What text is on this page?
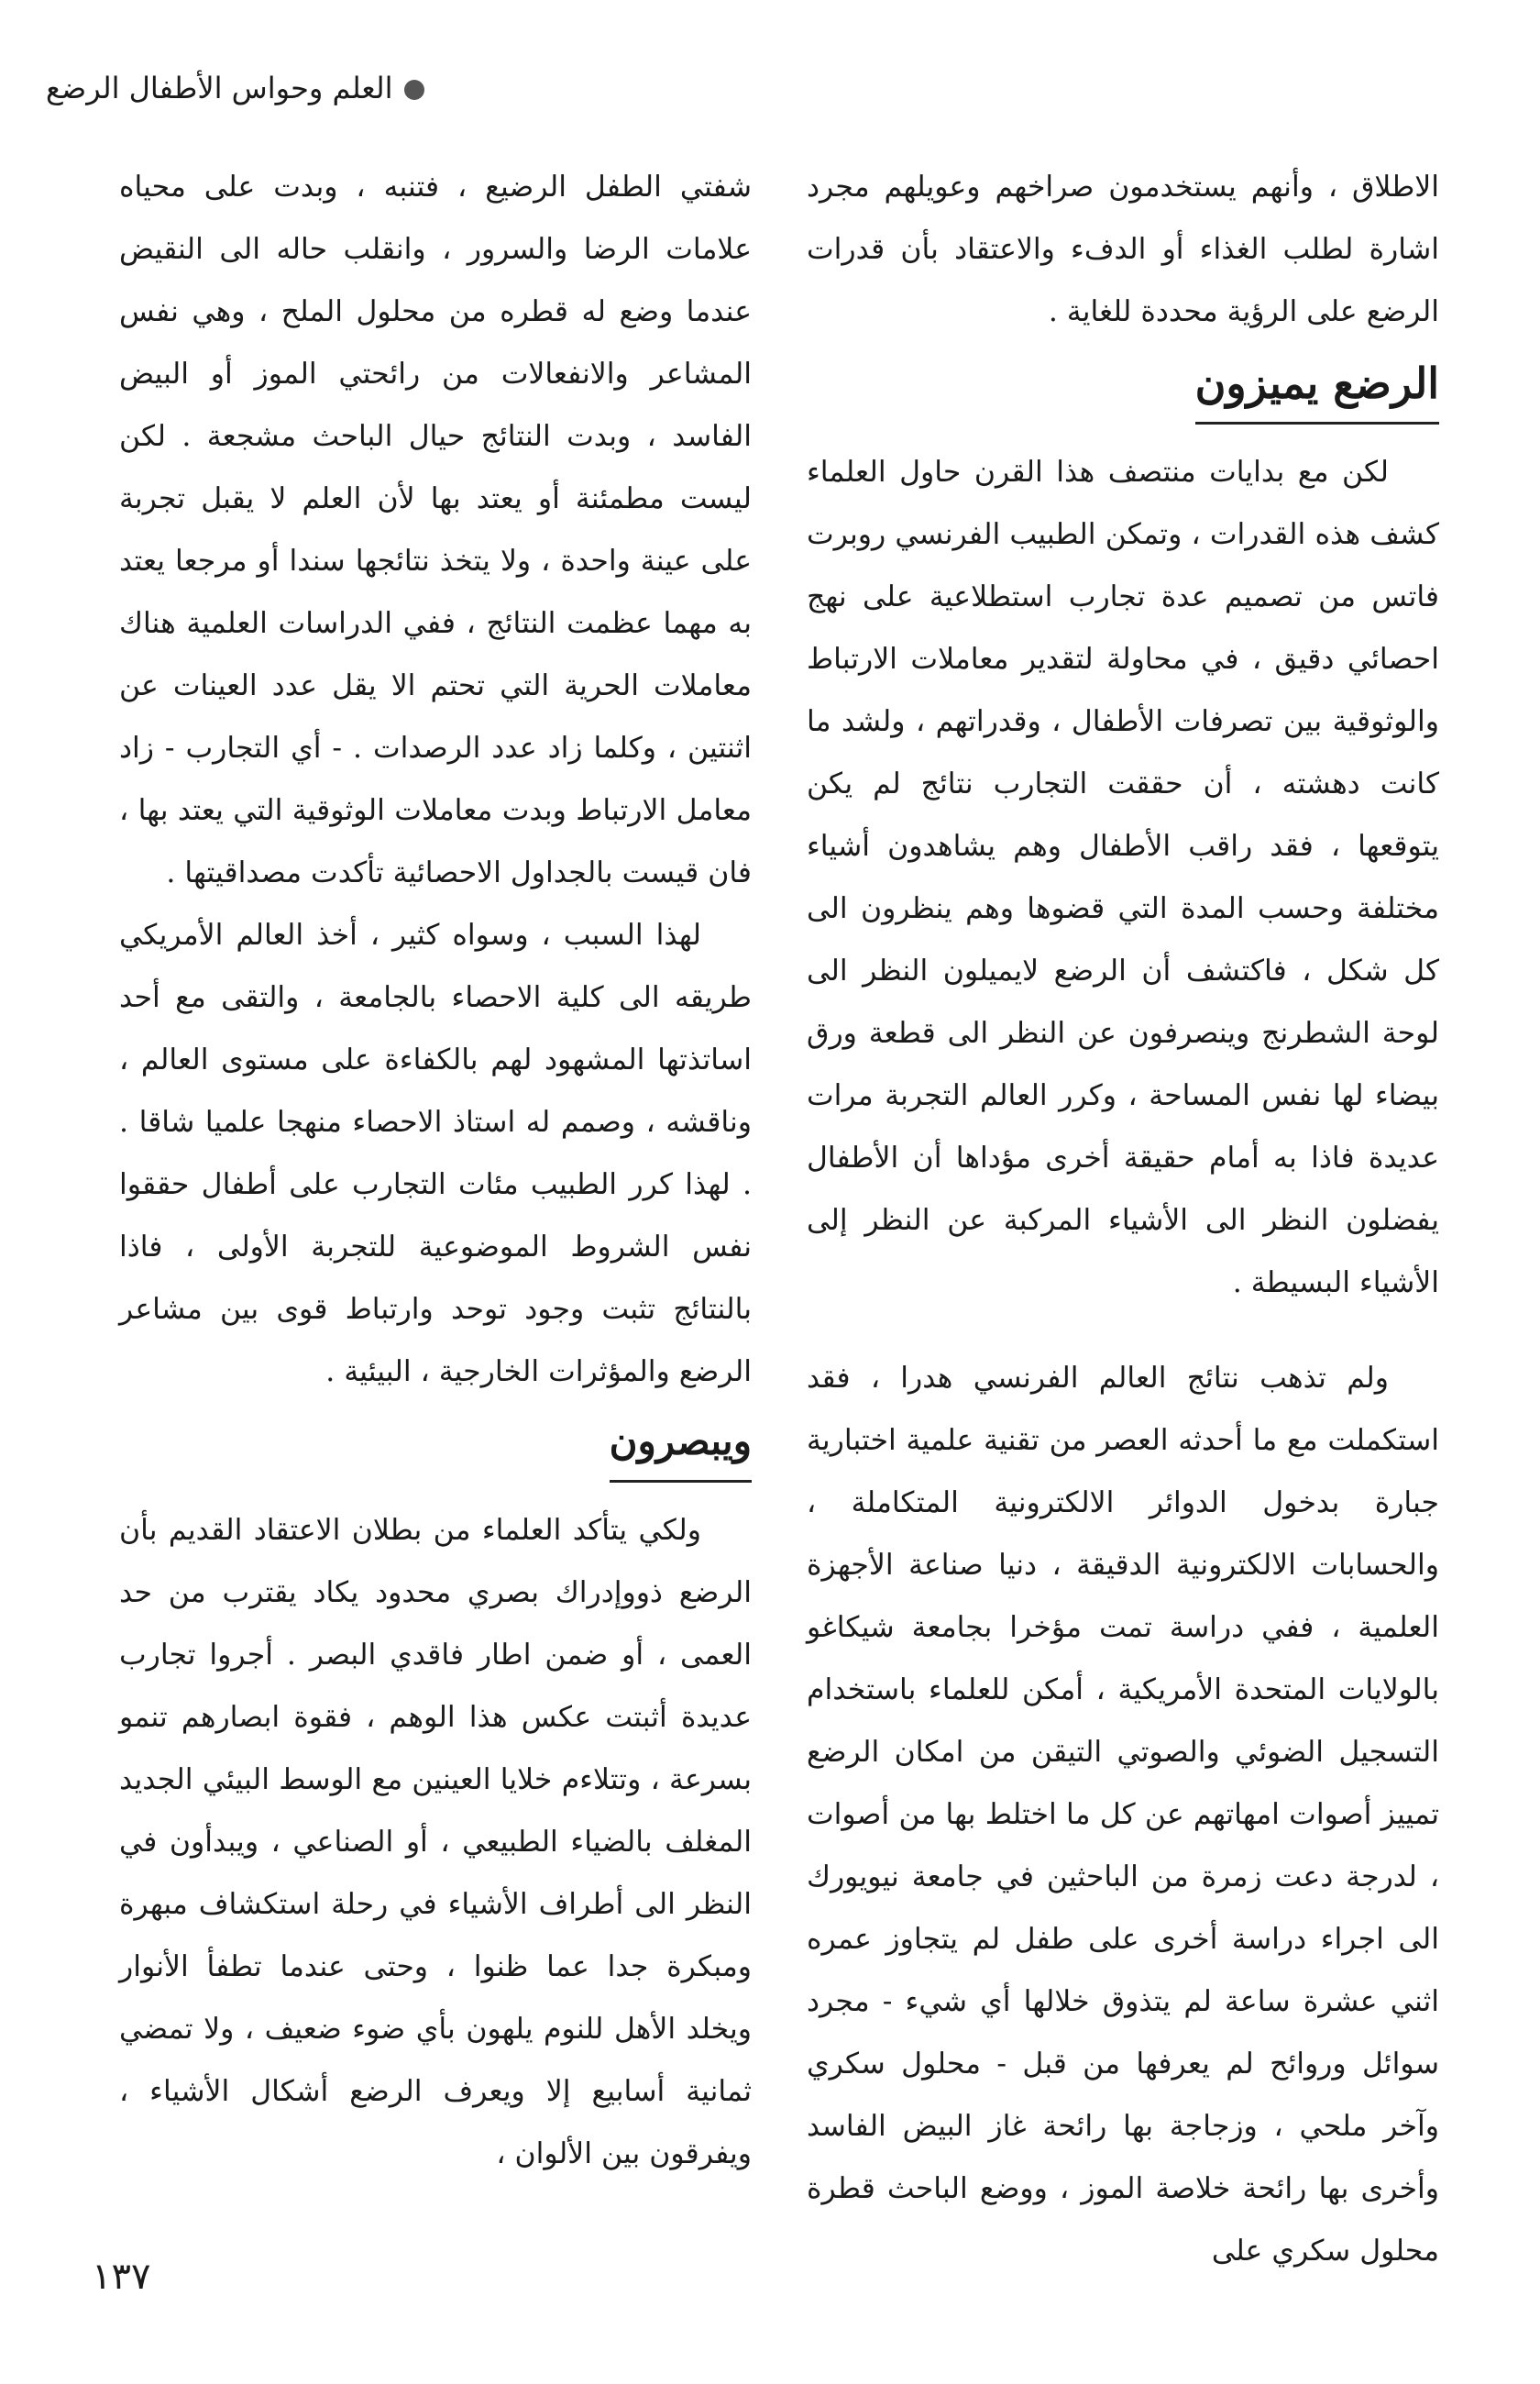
العلم وحواس الأطفال الرضع

الاطلاق ، وأنهم يستخدمون صراخهم وعويلهم مجرد اشارة لطلب الغذاء أو الدفء والاعتقاد بأن قدرات الرضع على الرؤية محددة للغاية .

الرضع يميزون

لكن مع بدايات منتصف هذا القرن حاول العلماء كشف هذه القدرات ، وتمكن الطبيب الفرنسي روبرت فاتس من تصميم عدة تجارب استطلاعية على نهج احصائي دقيق ، في محاولة لتقدير معاملات الارتباط والوثوقية بين تصرفات الأطفال ، وقدراتهم ، ولشد ما كانت دهشته ، أن حققت التجارب نتائج لم يكن يتوقعها ، فقد راقب الأطفال وهم يشاهدون أشياء مختلفة وحسب المدة التي قضوها وهم ينظرون الى كل شكل ، فاكتشف أن الرضع لايميلون النظر الى لوحة الشطرنج وينصرفون عن النظر الى قطعة ورق بيضاء لها نفس المساحة ، وكرر العالم التجربة مرات عديدة فاذا به أمام حقيقة أخرى مؤداها أن الأطفال يفضلون النظر الى الأشياء المركبة عن النظر إلى الأشياء البسيطة .

ولم تذهب نتائج العالم الفرنسي هدرا ، فقد استكملت مع ما أحدثه العصر من تقنية علمية اختبارية جبارة بدخول الدوائر الالكترونية المتكاملة ، والحسابات الالكترونية الدقيقة ، دنيا صناعة الأجهزة العلمية ، ففي دراسة تمت مؤخرا بجامعة شيكاغو بالولايات المتحدة الأمريكية ، أمكن للعلماء باستخدام التسجيل الضوئي والصوتي التيقن من امكان الرضع تمييز أصوات امهاتهم عن كل ما اختلط بها من أصوات ، لدرجة دعت زمرة من الباحثين في جامعة نيويورك الى اجراء دراسة أخرى على طفل لم يتجاوز عمره اثني عشرة ساعة لم يتذوق خلالها أي شيء - مجرد سوائل وروائح لم يعرفها من قبل - محلول سكري وآخر ملحي ، وزجاجة بها رائحة غاز البيض الفاسد وأخرى بها رائحة خلاصة الموز ، ووضع الباحث قطرة محلول سكري على

شفتي الطفل الرضيع ، فتنبه ، وبدت على محياه علامات الرضا والسرور ، وانقلب حاله الى النقيض عندما وضع له قطره من محلول الملح ، وهي نفس المشاعر والانفعالات من رائحتي الموز أو البيض الفاسد ، وبدت النتائج حيال الباحث مشجعة . لكن ليست مطمئنة أو يعتد بها لأن العلم لا يقبل تجربة على عينة واحدة ، ولا يتخذ نتائجها سندا أو مرجعا يعتد به مهما عظمت النتائج ، ففي الدراسات العلمية هناك معاملات الحرية التي تحتم الا يقل عدد العينات عن اثنتين ، وكلما زاد عدد الرصدات . - أي التجارب - زاد معامل الارتباط وبدت معاملات الوثوقية التي يعتد بها ، فان قيست بالجداول الاحصائية تأكدت مصداقيتها .

لهذا السبب ، وسواه كثير ، أخذ العالم الأمريكي طريقه الى كلية الاحصاء بالجامعة ، والتقى مع أحد اساتذتها المشهود لهم بالكفاءة على مستوى العالم ، وناقشه ، وصمم له استاذ الاحصاء منهجا علميا شاقا . . لهذا كرر الطبيب مئات التجارب على أطفال حققوا نفس الشروط الموضوعية للتجربة الأولى ، فاذا بالنتائج تثبت وجود توحد وارتباط قوى بين مشاعر الرضع والمؤثرات الخارجية ، البيئية .

ويبصرون

ولكي يتأكد العلماء من بطلان الاعتقاد القديم بأن الرضع ذووإدراك بصري محدود يكاد يقترب من حد العمى ، أو ضمن اطار فاقدي البصر . أجروا تجارب عديدة أثبتت عكس هذا الوهم ، فقوة ابصارهم تنمو بسرعة ، وتتلاءم خلايا العينين مع الوسط البيئي الجديد المغلف بالضياء الطبيعي ، أو الصناعي ، ويبدأون في النظر الى أطراف الأشياء في رحلة استكشاف مبهرة ومبكرة جدا عما ظنوا ، وحتى عندما تطفأ الأنوار ويخلد الأهل للنوم يلهون بأي ضوء ضعيف ، ولا تمضي ثمانية أسابيع إلا ويعرف الرضع أشكال الأشياء ، ويفرقون بين الألوان ،

١٣٧
